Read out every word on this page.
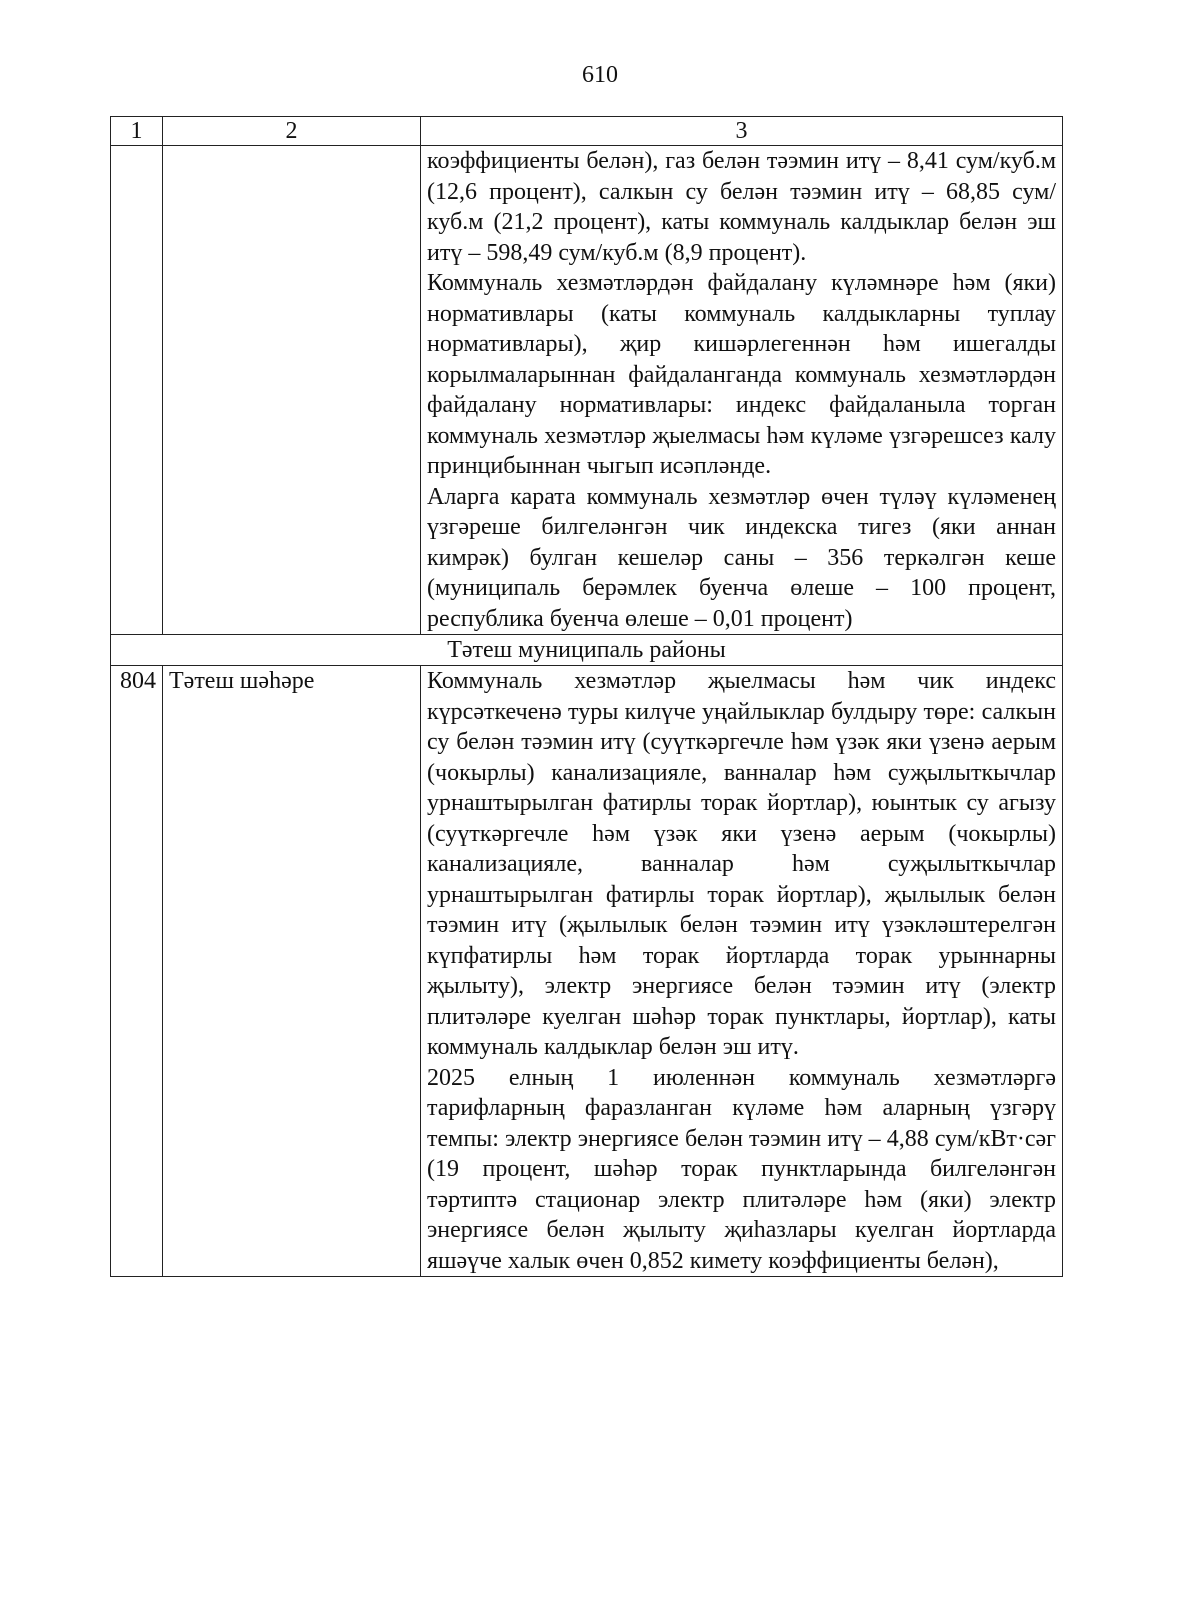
610
1	2	3

		коэффициенты белән), газ белән тәэмин итү – 8,41 сум/куб.м (12,6 процент), салкын су белән тәэмин итү – 68,85 сум/куб.м (21,2 процент), каты коммуналь калдыклар белән эш итү – 598,49 сум/куб.м (8,9 процент).

Коммуналь хезмәтләрдән файдалану күләмнәре һәм (яки) нормативлары (каты коммуналь калдыкларны туплау нормативлары), җир кишәрлегеннән һәм ишегалды корылмаларыннан файдаланганда коммуналь хезмәтләрдән файдалану нормативлары: индекс файдаланыла торган коммуналь хезмәтләр җыелмасы һәм күләме үзгәрешсез калу принцибыннан чыгып исәпләнде.

Аларга карата коммуналь хезмәтләр өчен түләү күләменең үзгәреше билгеләнгән чик индекска тигез (яки аннан кимрәк) булган кешеләр саны – 356 теркәлгән кеше (муниципаль берәмлек буенча өлеше – 100 процент, республика буенча өлеше – 0,01 процент)

Тәтеш муниципаль районы		
804	Тәтеш шәһәре	Коммуналь хезмәтләр җыелмасы һәм чик индекс күрсәткеченә туры килүче уңайлыклар булдыру төре: салкын су белән тәэмин итү (суүткәргечле һәм үзәк яки үзенә аерым (чокырлы) канализацияле, ванналар һәм суҗылыткычлар урнаштырылган фатирлы торак йортлар), юынтык су агызу (суүткәргечле һәм үзәк яки үзенә аерым (чокырлы) канализацияле, ванналар һәм суҗылыткычлар урнаштырылган фатирлы торак йортлар), җылылык белән тәэмин итү (җылылык белән тәэмин итү үзәкләштерелгән күпфатирлы һәм торак йортларда торак урыннарны җылыту), электр энергиясе белән тәэмин итү (электр плитәләре куелган шәһәр торак пунктлары, йортлар), каты коммуналь калдыклар белән эш итү.

2025 елның 1 июленнән коммуналь хезмәтләргә тарифларның фаразланган күләме һәм аларның үзгәрү темпы: электр энергиясе белән тәэмин итү – 4,88 сум/кВт·сәг (19 процент, шәһәр торак пунктларында билгеләнгән тәртиптә стационар электр плитәләре һәм (яки) электр энергиясе белән җылыту җиһазлары куелган йортларда яшәүче халык өчен 0,852 кимету коэффициенты белән),
